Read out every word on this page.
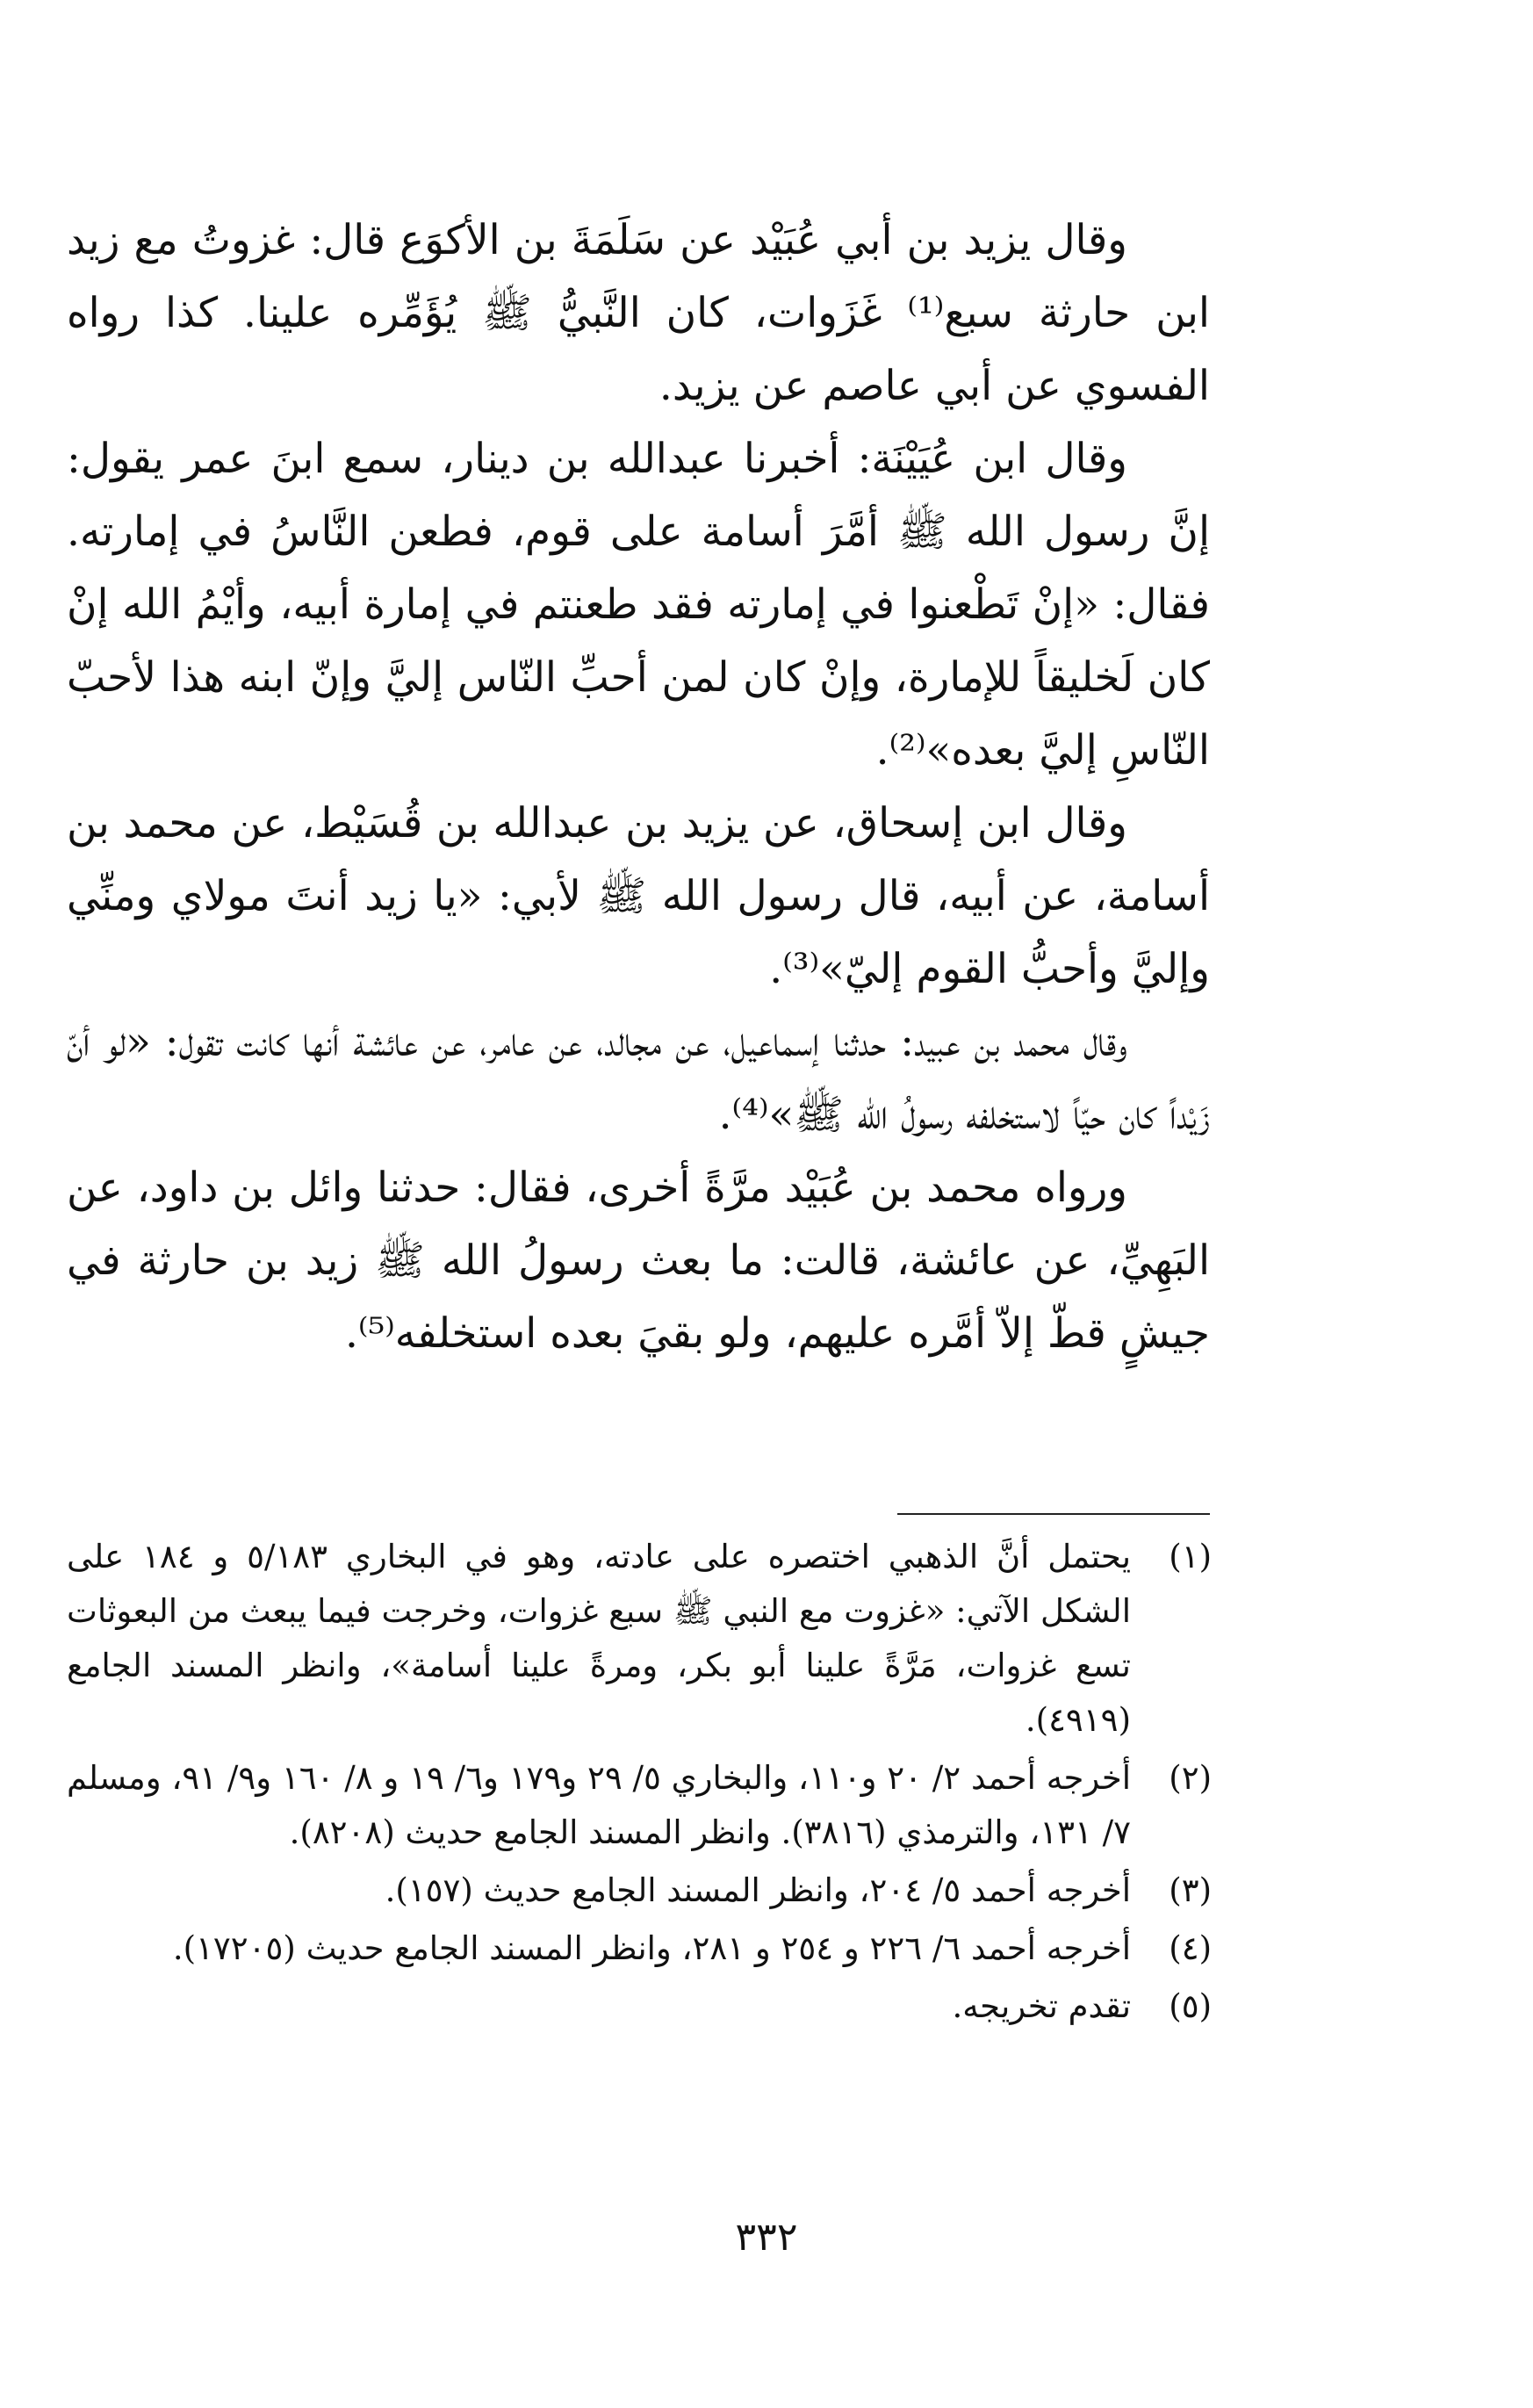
وقال يزيد بن أبي عُبَيْد عن سَلَمَةَ بن الأكوَع قال: غزوتُ مع زيد ابن حارثة سبع⁽¹⁾ غَزَوات، كان النَّبيُّ ﷺ يُؤَمِّره علينا. كذا رواه الفسوي عن أبي عاصم عن يزيد.

وقال ابن عُيَيْنَة: أخبرنا عبدالله بن دينار، سمع ابنَ عمر يقول: إنَّ رسول الله ﷺ أمَّرَ أسامة على قوم، فطعن النَّاسُ في إمارته. فقال: «إنْ تَطْعنوا في إمارته فقد طعنتم في إمارة أبيه، وأيْمُ الله إنْ كان لَخليقاً للإمارة، وإنْ كان لمن أحبِّ النّاس إليَّ وإنّ ابنه هذا لأحبّ النّاسِ إليَّ بعده»⁽²⁾.

وقال ابن إسحاق، عن يزيد بن عبدالله بن قُسَيْط، عن محمد بن أسامة، عن أبيه، قال رسول الله ﷺ لأبي: «يا زيد أنتَ مولاي ومنِّي وإليَّ وأحبُّ القوم إليّ»⁽³⁾.

وقال محمد بن عبيد: حدثنا إسماعيل، عن مجالد، عن عامر، عن عائشة أنها كانت تقول: «لو أنّ زَيْداً كان حيّاً لاستخلفه رسولُ الله ﷺ»⁽⁴⁾.

ورواه محمد بن عُبَيْد مرَّةً أخرى، فقال: حدثنا وائل بن داود، عن البَهِيِّ، عن عائشة، قالت: ما بعث رسولُ الله ﷺ زيد بن حارثة في جيشٍ قطّ إلاّ أمَّره عليهم، ولو بقيَ بعده استخلفه⁽⁵⁾.

(١)
يحتمل أنَّ الذهبي اختصره على عادته، وهو في البخاري ٥/١٨٣ و ١٨٤ على الشكل الآتي: «غزوت مع النبي ﷺ سبع غزوات، وخرجت فيما يبعث من البعوثات تسع غزوات، مَرَّةً علينا أبو بكر، ومرةً علينا أسامة»، وانظر المسند الجامع (٤٩١٩).
(٢)
أخرجه أحمد ٢/ ٢٠ و١١٠، والبخاري ٥/ ٢٩ و١٧٩ و٦/ ١٩ و ٨/ ١٦٠ و٩/ ٩١، ومسلم ٧/ ١٣١، والترمذي (٣٨١٦). وانظر المسند الجامع حديث (٨٢٠٨).
(٣)
أخرجه أحمد ٥/ ٢٠٤، وانظر المسند الجامع حديث (١٥٧).
(٤)
أخرجه أحمد ٦/ ٢٢٦ و ٢٥٤ و ٢٨١، وانظر المسند الجامع حديث (١٧٢٠٥).
(٥)
تقدم تخريجه.
٣٣٢
